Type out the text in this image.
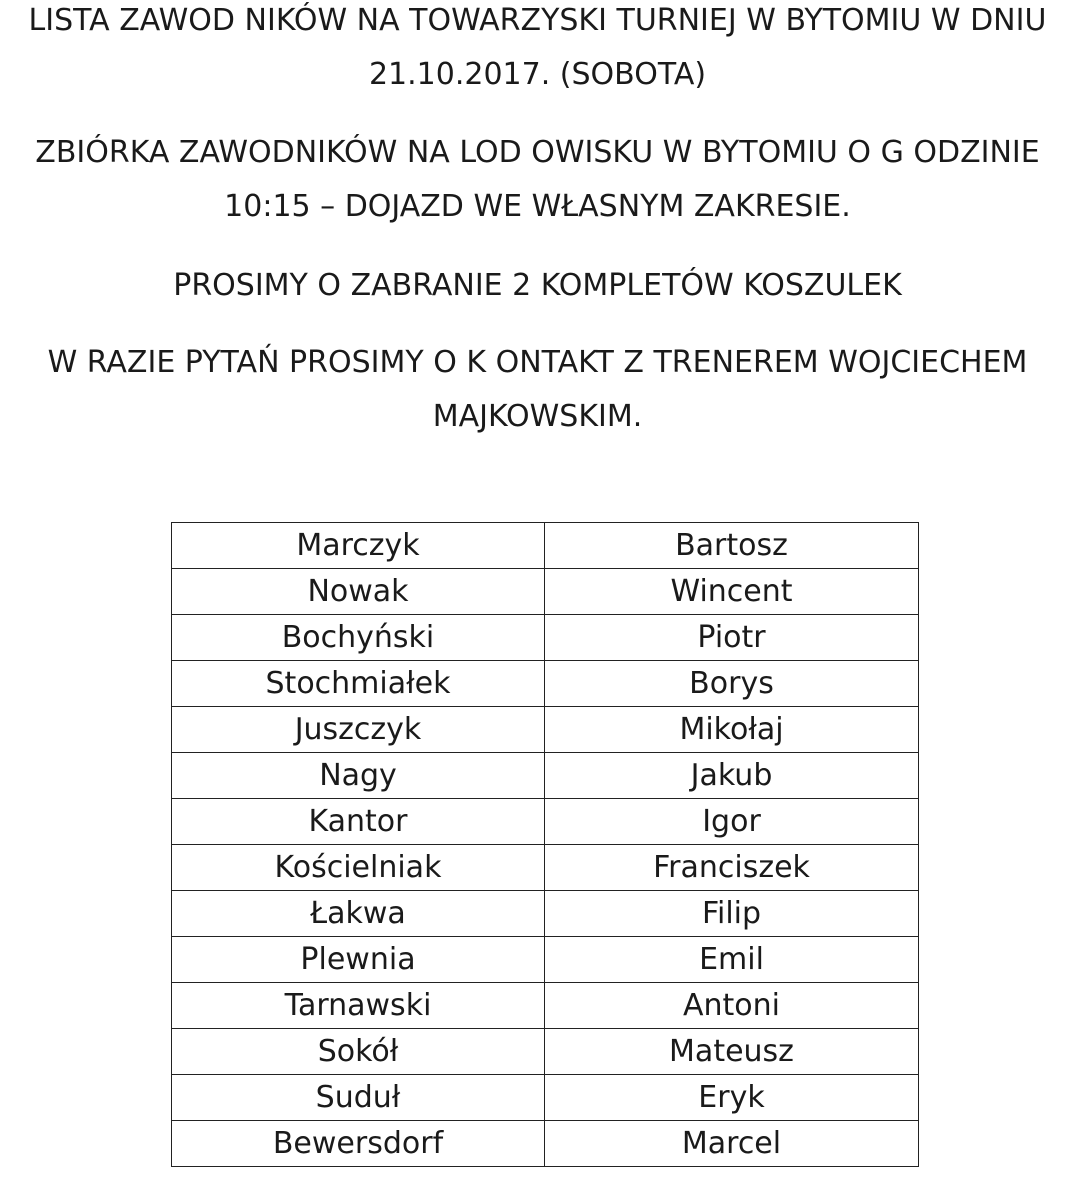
LISTA ZAWOD NIKÓW NA TOWARZYSKI TURNIEJ W BYTOMIU W DNIU
21.10.2017. (SOBOTA)
ZBIÓRKA ZAWODNIKÓW NA LOD OWISKU W BYTOMIU O G ODZINIE
10:15 – DOJAZD WE WŁASNYM ZAKRESIE.
PROSIMY O ZABRANIE 2 KOMPLETÓW KOSZULEK
W RAZIE PYTAŃ PROSIMY O K ONTAKT Z TRENEREM WOJCIECHEM
MAJKOWSKIM.
Marczyk	Bartosz
Nowak	Wincent
Bochyński	Piotr
Stochmiałek	Borys
Juszczyk	Mikołaj
Nagy	Jakub
Kantor	Igor
Kościelniak	Franciszek
Łakwa	Filip
Plewnia	Emil
Tarnawski	Antoni
Sokół	Mateusz
Suduł	Eryk
Bewersdorf	Marcel
